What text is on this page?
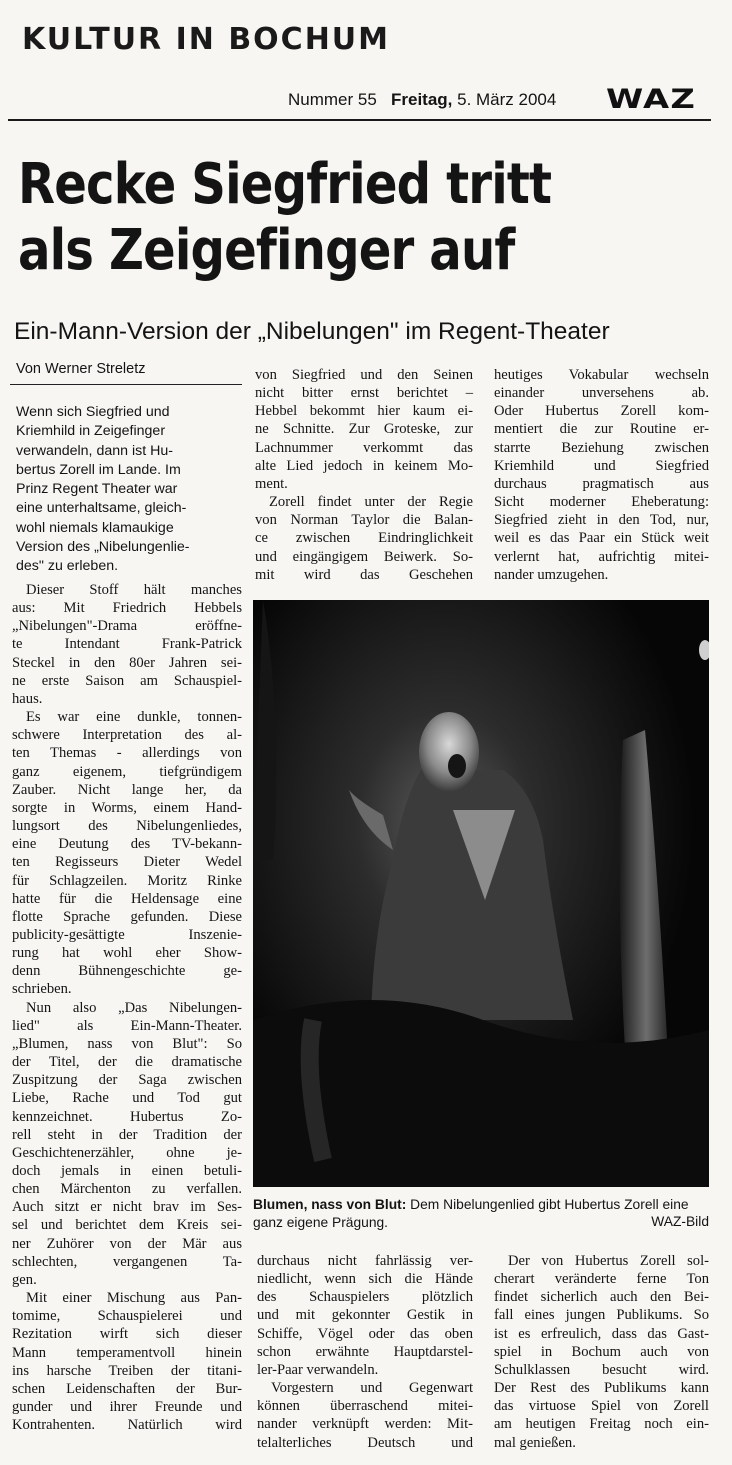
KULTUR IN BOCHUM
Nummer 55 Freitag, 5. März 2004 WAZ
Recke Siegfried tritt
als Zeigefinger auf
Ein-Mann-Version der „Nibelungen" im Regent-Theater
Von Werner Streletz

Wenn sich Siegfried und

Kriemhild in Zeigefinger

verwandeln, dann ist Hu-

bertus Zorell im Lande. Im

Prinz Regent Theater war

eine unterhaltsame, gleich-

wohl niemals klamaukige

Version des „Nibelungenlie-

des" zu erleben.

Dieser Stoff hält manches

aus: Mit Friedrich Hebbels

„Nibelungen"-Drama eröffne-

te Intendant Frank-Patrick

Steckel in den 80er Jahren sei-

ne erste Saison am Schauspiel-

haus.

Es war eine dunkle, tonnen-

schwere Interpretation des al-

ten Themas - allerdings von

ganz eigenem, tiefgründigem

Zauber. Nicht lange her, da

sorgte in Worms, einem Hand-

lungsort des Nibelungenliedes,

eine Deutung des TV-bekann-

ten Regisseurs Dieter Wedel

für Schlagzeilen. Moritz Rinke

hatte für die Heldensage eine

flotte Sprache gefunden. Diese

publicity-gesättigte Inszenie-

rung hat wohl eher Show-

denn Bühnengeschichte ge-

schrieben.

Nun also „Das Nibelungen-

lied" als Ein-Mann-Theater.

„Blumen, nass von Blut": So

der Titel, der die dramatische

Zuspitzung der Saga zwischen

Liebe, Rache und Tod gut

kennzeichnet. Hubertus Zo-

rell steht in der Tradition der

Geschichtenerzähler, ohne je-

doch jemals in einen betuli-

chen Märchenton zu verfallen.

Auch sitzt er nicht brav im Ses-

sel und berichtet dem Kreis sei-

ner Zuhörer von der Mär aus

schlechten, vergangenen Ta-

gen.

Mit einer Mischung aus Pan-

tomime, Schauspielerei und

Rezitation wirft sich dieser

Mann temperamentvoll hinein

ins harsche Treiben der titani-

schen Leidenschaften der Bur-

gunder und ihrer Freunde und

Kontrahenten. Natürlich wird

von Siegfried und den Seinen

nicht bitter ernst berichtet –

Hebbel bekommt hier kaum ei-

ne Schnitte. Zur Groteske, zur

Lachnummer verkommt das

alte Lied jedoch in keinem Mo-

ment.

Zorell findet unter der Regie

von Norman Taylor die Balan-

ce zwischen Eindringlichkeit

und eingängigem Beiwerk. So-

mit wird das Geschehen

heutiges Vokabular wechseln

einander unversehens ab.

Oder Hubertus Zorell kom-

mentiert die zur Routine er-

starrte Beziehung zwischen

Kriemhild und Siegfried

durchaus pragmatisch aus

Sicht moderner Eheberatung:

Siegfried zieht in den Tod, nur,

weil es das Paar ein Stück weit

verlernt hat, aufrichtig mitei-

nander umzugehen.

Blumen, nass von Blut: Dem Nibelungenlied gibt Hubertus Zorell eine ganz eigene Prägung.	WAZ-Bild

durchaus nicht fahrlässig ver-

niedlicht, wenn sich die Hände

des Schauspielers plötzlich

und mit gekonnter Gestik in

Schiffe, Vögel oder das oben

schon erwähnte Hauptdarstel-

ler-Paar verwandeln.

Vorgestern und Gegenwart

können überraschend mitei-

nander verknüpft werden: Mit-

telalterliches Deutsch und

Der von Hubertus Zorell sol-

cherart veränderte ferne Ton

findet sicherlich auch den Bei-

fall eines jungen Publikums. So

ist es erfreulich, dass das Gast-

spiel in Bochum auch von

Schulklassen besucht wird.

Der Rest des Publikums kann

das virtuose Spiel von Zorell

am heutigen Freitag noch ein-

mal genießen.
